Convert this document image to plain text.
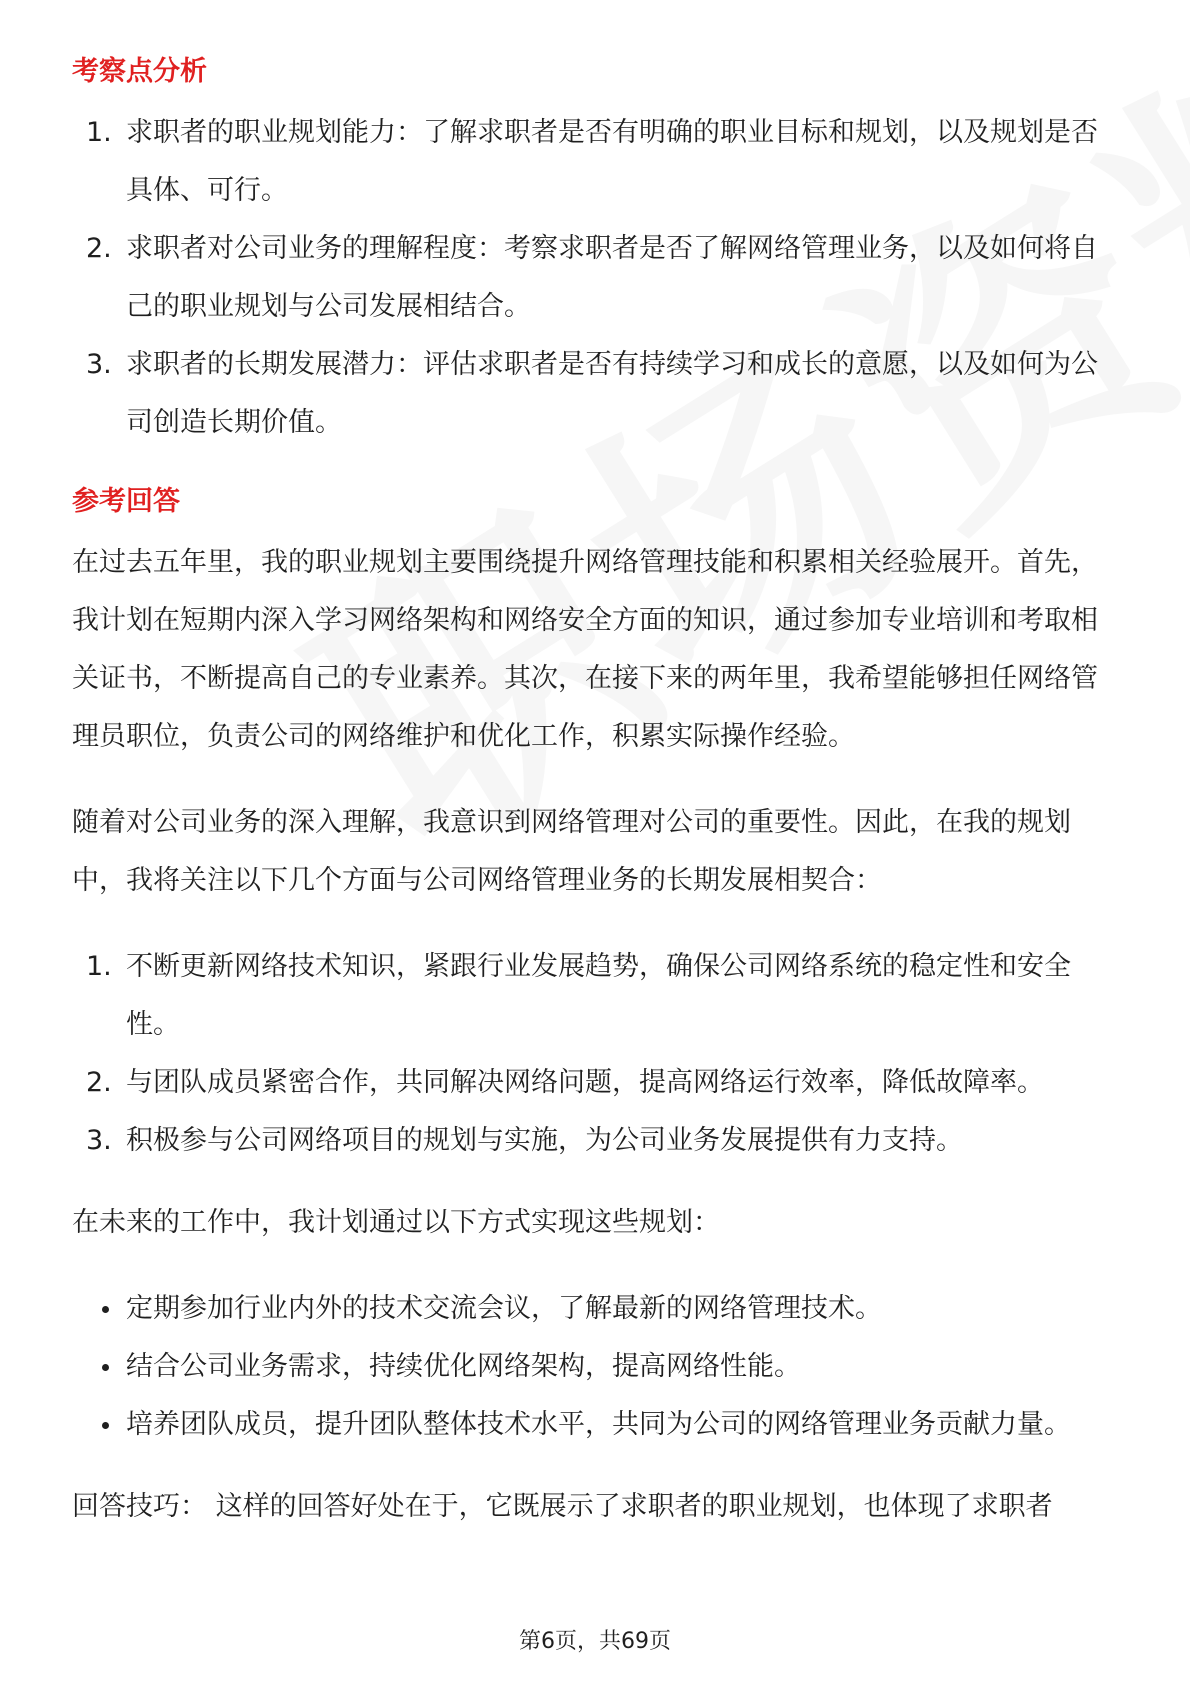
考察点分析
1. 求职者的职业规划能力：了解求职者是否有明确的职业目标和规划，以及规划是否具体、可行。
2. 求职者对公司业务的理解程度：考察求职者是否了解网络管理业务，以及如何将自己的职业规划与公司发展相结合。
3. 求职者的长期发展潜力：评估求职者是否有持续学习和成长的意愿，以及如何为公司创造长期价值。
参考回答

在过去五年里，我的职业规划主要围绕提升网络管理技能和积累相关经验展开。首先，我计划在短期内深入学习网络架构和网络安全方面的知识，通过参加专业培训和考取相关证书，不断提高自己的专业素养。其次，在接下来的两年里，我希望能够担任网络管理员职位，负责公司的网络维护和优化工作，积累实际操作经验。

随着对公司业务的深入理解，我意识到网络管理对公司的重要性。因此，在我的规划中，我将关注以下几个方面与公司网络管理业务的长期发展相契合：

1. 不断更新网络技术知识，紧跟行业发展趋势，确保公司网络系统的稳定性和安全性。
2. 与团队成员紧密合作，共同解决网络问题，提高网络运行效率，降低故障率。
3. 积极参与公司网络项目的规划与实施，为公司业务发展提供有力支持。

在未来的工作中，我计划通过以下方式实现这些规划：

定期参加行业内外的技术交流会议，了解最新的网络管理技术。
结合公司业务需求，持续优化网络架构，提高网络性能。
培养团队成员，提升团队整体技术水平，共同为公司的网络管理业务贡献力量。

回答技巧： 这样的回答好处在于，它既展示了求职者的职业规划，也体现了求职者

第6页，共69页
